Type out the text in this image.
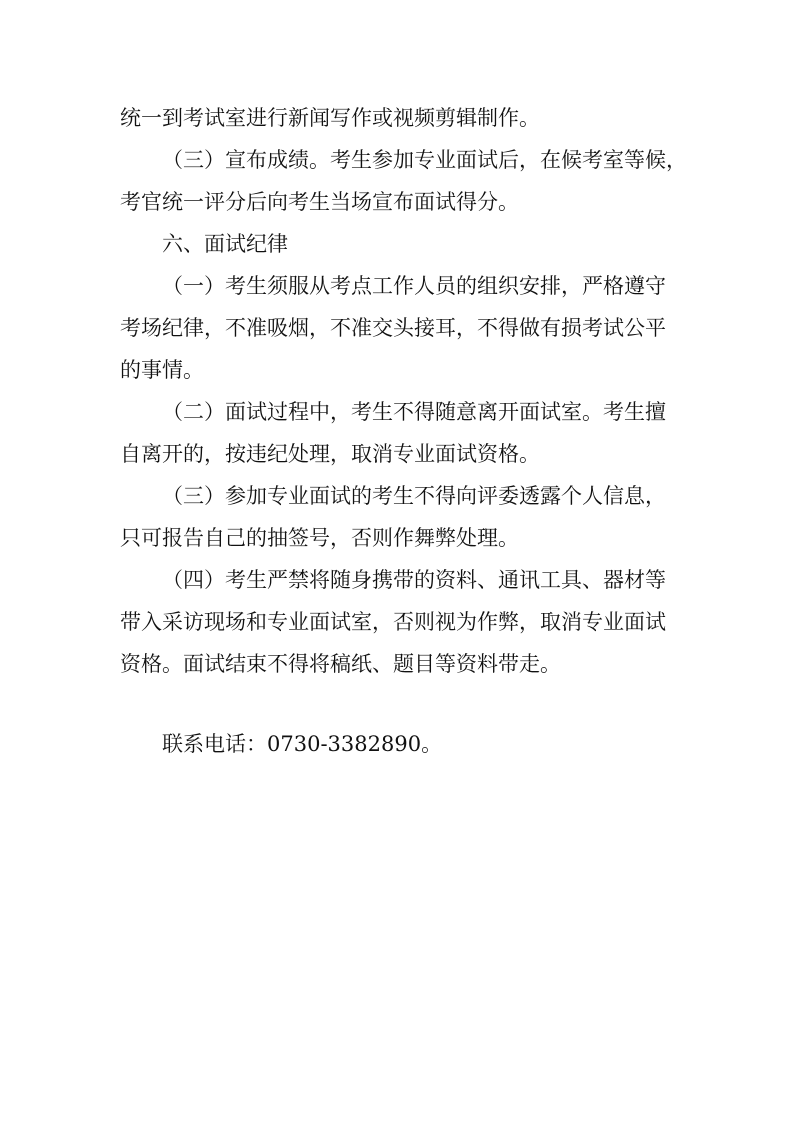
统一到考试室进行新闻写作或视频剪辑制作。
（三）宣布成绩。考生参加专业面试后，在候考室等候，
考官统一评分后向考生当场宣布面试得分。
六、面试纪律
（一）考生须服从考点工作人员的组织安排，严格遵守
考场纪律，不准吸烟，不准交头接耳，不得做有损考试公平
的事情。
（二）面试过程中，考生不得随意离开面试室。考生擅
自离开的，按违纪处理，取消专业面试资格。
（三）参加专业面试的考生不得向评委透露个人信息，
只可报告自己的抽签号，否则作舞弊处理。
（四）考生严禁将随身携带的资料、通讯工具、器材等
带入采访现场和专业面试室，否则视为作弊，取消专业面试
资格。面试结束不得将稿纸、题目等资料带走。
联系电话：0730-3382890。
